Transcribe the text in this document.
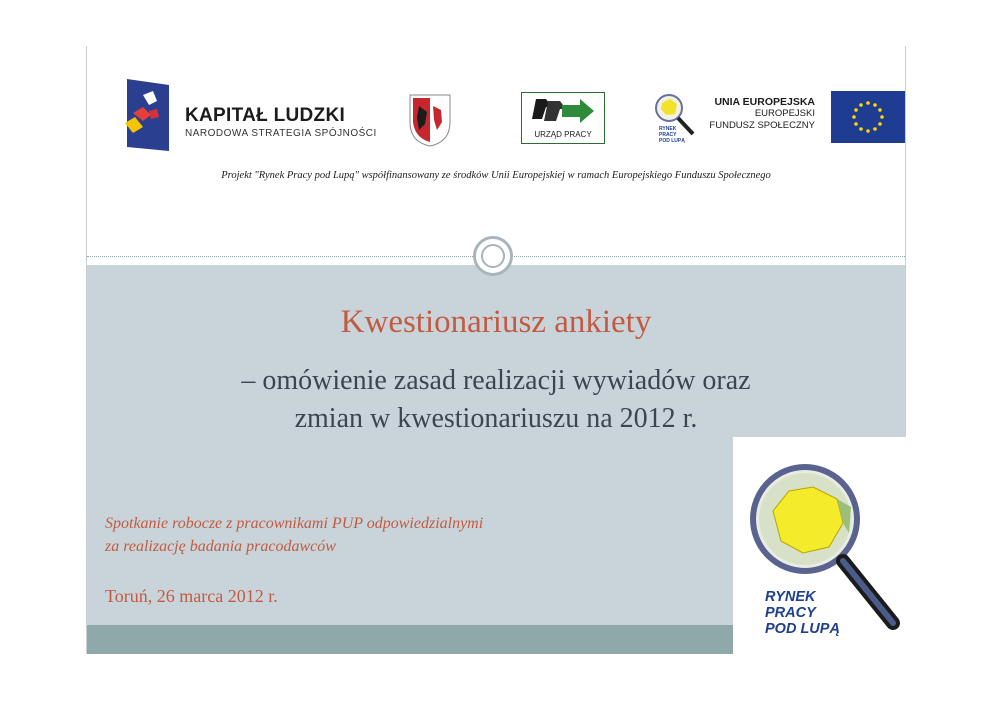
KAPITAŁ LUDZKI
NARODOWA STRATEGIA SPÓJNOŚCI	URZĄD PRACY
RYNEK
PRACY
POD LUPĄ
UNIA EUROPEJSKA
EUROPEJSKI
FUNDUSZ SPOŁECZNY
Projekt "Rynek Pracy pod Lupą" współfinansowany ze środków Unii Europejskiej w ramach Europejskiego Funduszu Społecznego
Kwestionariusz ankiety
– omówienie zasad realizacji wywiadów oraz
zmian w kwestionariuszu na 2012 r.
Spotkanie robocze z pracownikami PUP odpowiedzialnymi
za realizację badania pracodawców
Toruń, 26 marca 2012 r.	RYNEK
PRACY
POD LUPĄ
